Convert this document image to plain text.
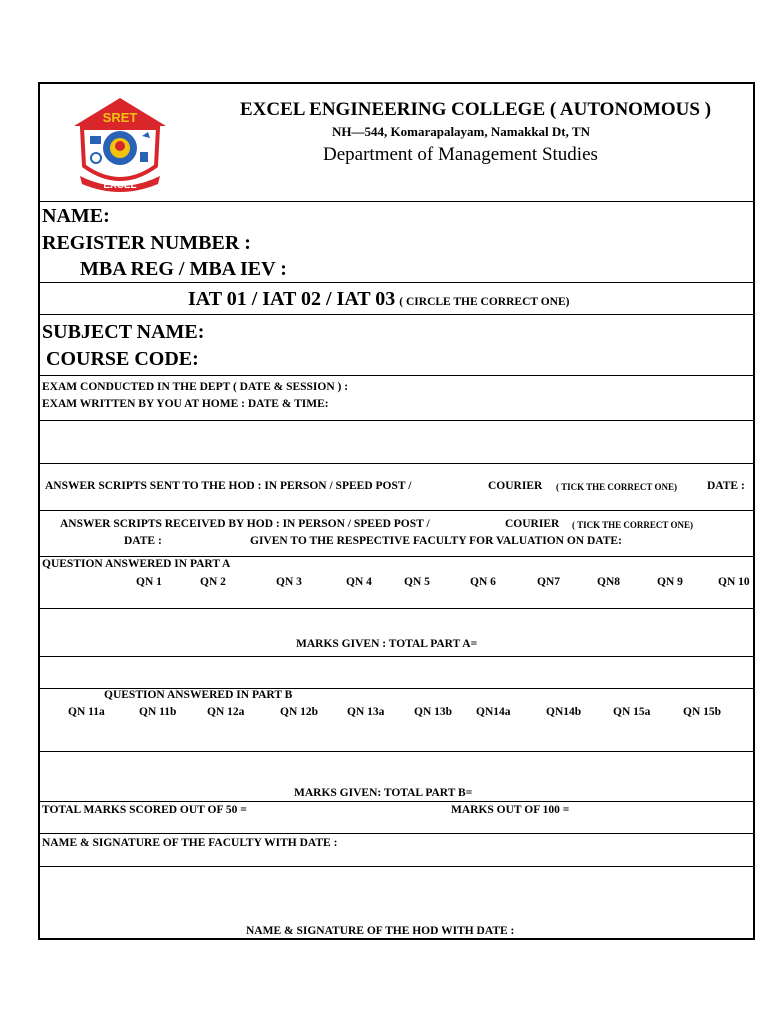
SRET
EXCEL
EXCEL ENGINEERING COLLEGE ( AUTONOMOUS )
NH—544, Komarapalayam, Namakkal Dt, TN
Department of Management Studies
NAME:
REGISTER NUMBER :
MBA REG / MBA IEV :
IAT 01 / IAT 02 / IAT 03 ( CIRCLE THE CORRECT ONE)
SUBJECT NAME:
COURSE CODE:
EXAM CONDUCTED IN THE DEPT ( DATE & SESSION ) :
EXAM WRITTEN BY YOU AT HOME : DATE & TIME:
ANSWER SCRIPTS SENT TO THE HOD : IN PERSON / SPEED POST /	COURIER ( TICK THE CORRECT ONE)	DATE :
ANSWER SCRIPTS RECEIVED BY HOD : IN PERSON / SPEED POST /	COURIER ( TICK THE CORRECT ONE)
DATE :	GIVEN TO THE RESPECTIVE FACULTY FOR VALUATION ON DATE:
QUESTION ANSWERED IN PART A
QN 1	QN 2	QN 3	QN 4	QN 5	QN 6	QN7	QN8	QN 9	QN 10
MARKS GIVEN : TOTAL PART A=
QUESTION ANSWERED IN PART B
QN 11a	QN 11b	QN 12a	QN 12b	QN 13a	QN 13b QN14a	QN14b	QN 15a	QN 15b
MARKS GIVEN: TOTAL PART B=
TOTAL MARKS SCORED OUT OF 50 =	MARKS OUT OF 100 =
NAME & SIGNATURE OF THE FACULTY WITH DATE :
NAME & SIGNATURE OF THE HOD WITH DATE :
